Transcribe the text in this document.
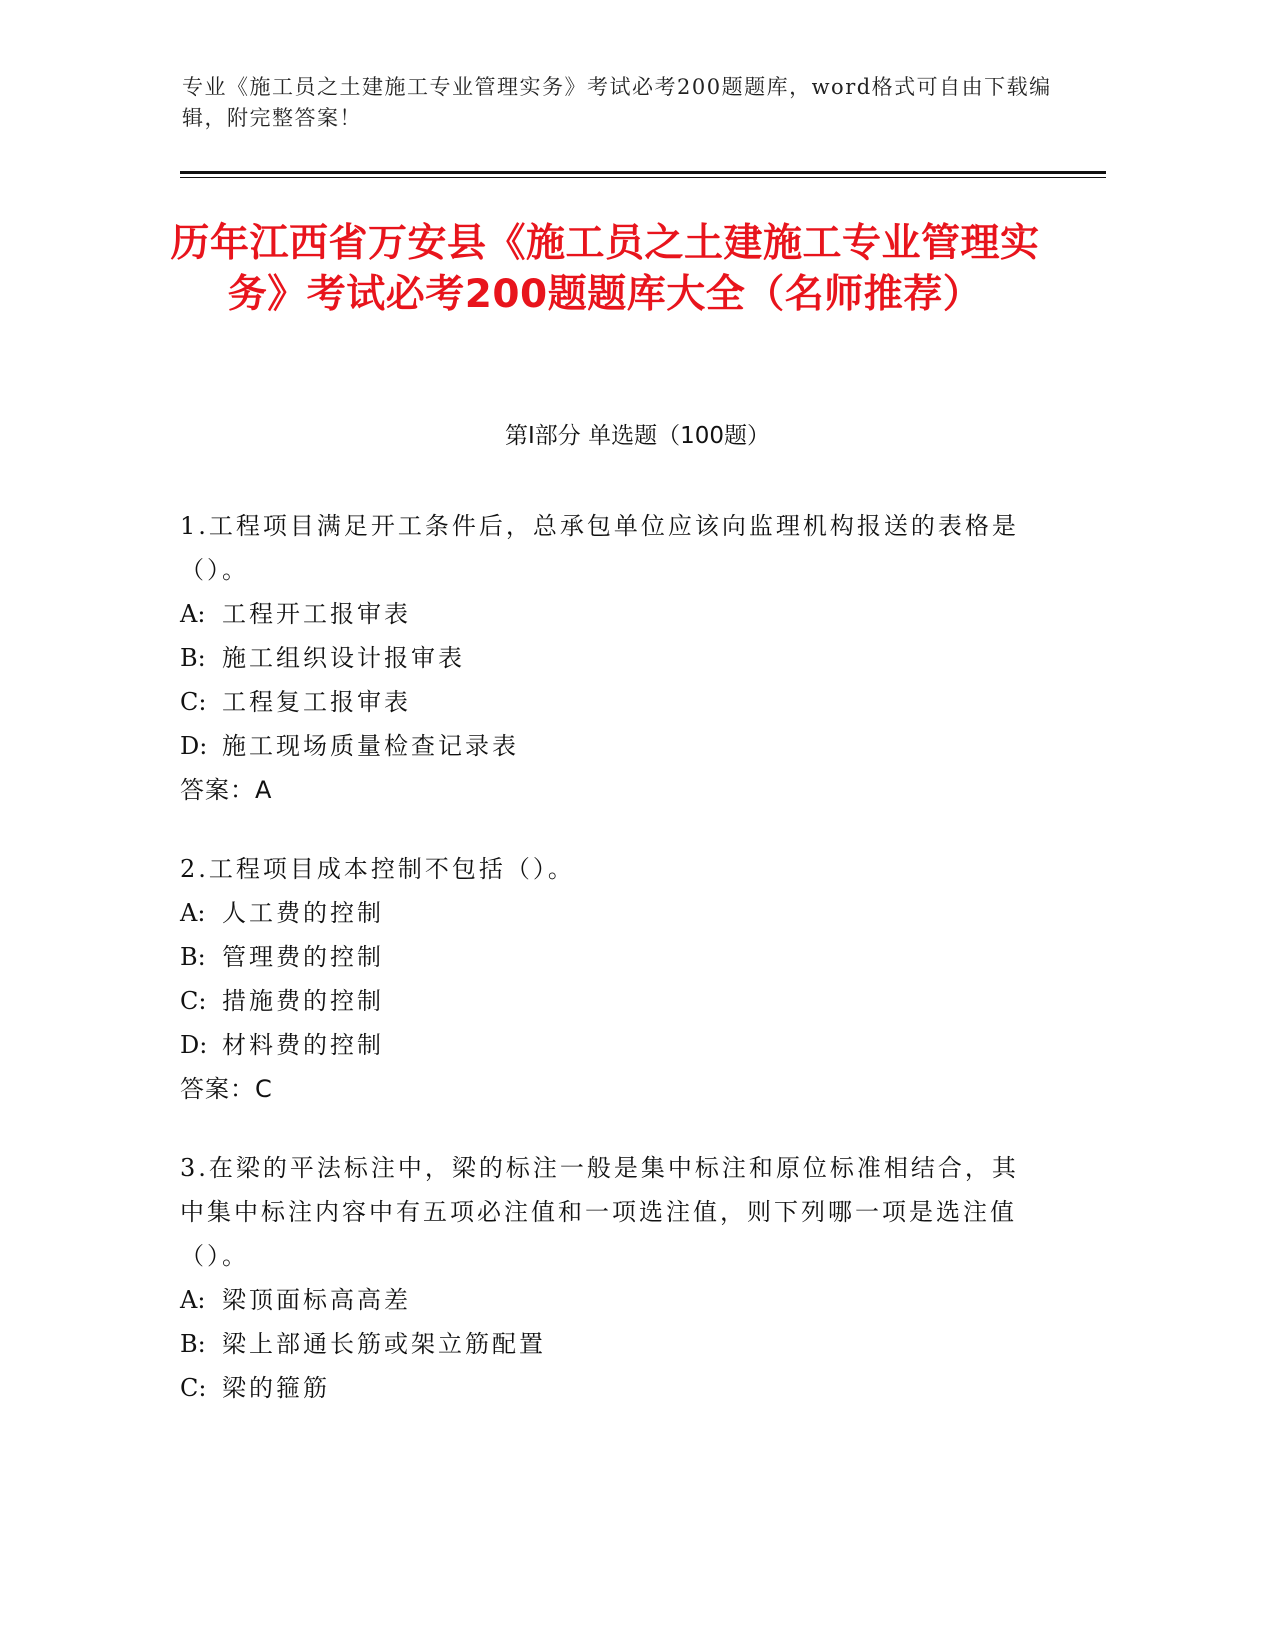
专业《施工员之土建施工专业管理实务》考试必考200题题库，word格式可自由下载编辑，附完整答案！
历年江西省万安县《施工员之土建施工专业管理实务》考试必考200题题库大全（名师推荐）
第I部分 单选题（100题）
1.工程项目满足开工条件后，总承包单位应该向监理机构报送的表格是（）。
A: 工程开工报审表
B: 施工组织设计报审表
C: 工程复工报审表
D: 施工现场质量检查记录表
答案：A
2.工程项目成本控制不包括（）。
A: 人工费的控制
B: 管理费的控制
C: 措施费的控制
D: 材料费的控制
答案：C
3.在梁的平法标注中，梁的标注一般是集中标注和原位标准相结合，其中集中标注内容中有五项必注值和一项选注值，则下列哪一项是选注值（）。
A: 梁顶面标高高差
B: 梁上部通长筋或架立筋配置
C: 梁的箍筋
